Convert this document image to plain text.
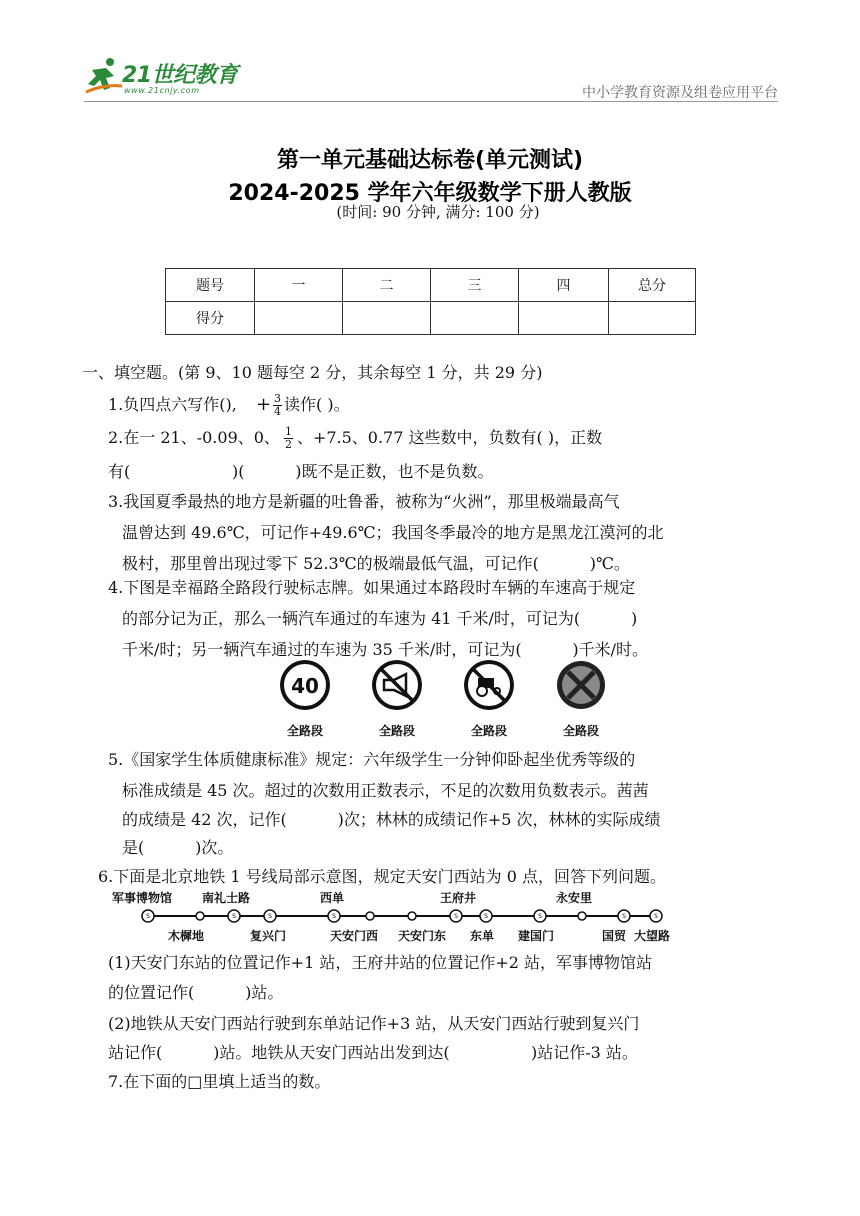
21世纪教育
www.21cnjy.com	中小学教育资源及组卷应用平台
第一单元基础达标卷(单元测试)
2024-2025 学年六年级数学下册人教版
(时间: 90 分钟, 满分: 100 分)
题号	一	二	三	四	总分
得分					
一、填空题。(第 9、10 题每空 2 分，其余每空 1 分，共 29 分)
1.负四点六写作(), + $\frac{3}{4}$ 读作( )。
2.在一 21、-0.09、0、 $\frac{1}{2}$ 、+7.5、0.77 这些数中，负数有( )，正数
有(                    )(          )既不是正数，也不是负数。
3.我国夏季最热的地方是新疆的吐鲁番，被称为“火洲”，那里极端最高气
温曾达到 49.6℃，可记作+49.6℃；我国冬季最冷的地方是黑龙江漠河的北
极村，那里曾出现过零下 52.3℃的极端最低气温，可记作(          )℃。
4.下图是幸福路全路段行驶标志牌。如果通过本路段时车辆的车速高于规定
的部分记为正，那么一辆汽车通过的车速为 41 千米/时，可记为(          )
千米/时；另一辆汽车通过的车速为 35 千米/时，可记为(          )千米/时。
40
全路段	全路段	全路段	全路段
5.《国家学生体质健康标准》规定：六年级学生一分钟仰卧起坐优秀等级的
标准成绩是 45 次。超过的次数用正数表示，不足的次数用负数表示。茜茜
的成绩是 42 次，记作(          )次；林林的成绩记作+5 次，林林的实际成绩
是(          )次。
6.下面是北京地铁 1 号线局部示意图，规定天安门西站为 0 点，回答下列问题。
军事博物馆 南礼士路	西单	王府井	永安里
木樨地	复兴门	天安门西 天安门东 东单 建国门	国贸 大望路
S	S	S	S	S	S	S	S	S
(1)天安门东站的位置记作+1 站，王府井站的位置记作+2 站，军事博物馆站
的位置记作(          )站。
(2)地铁从天安门西站行驶到东单站记作+3 站，从天安门西站行驶到复兴门
站记作(          )站。地铁从天安门西站出发到达(                )站记作-3 站。
7.在下面的□里填上适当的数。
